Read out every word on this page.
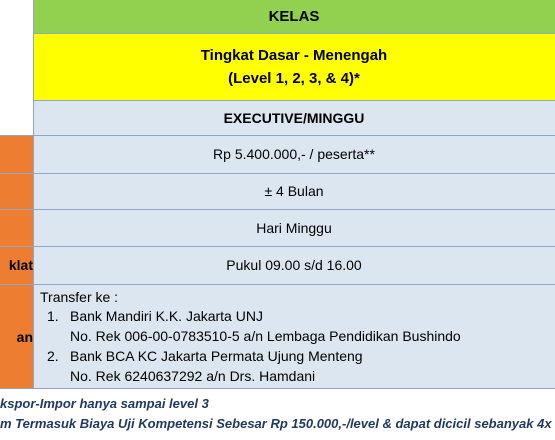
KELAS
Tingkat Dasar - Menengah
(Level 1, 2, 3, & 4)*
EXECUTIVE/MINGGU
klat
an
Rp 5.400.000,- / peserta**
± 4 Bulan
Hari Minggu
Pukul 09.00 s/d 16.00
Transfer ke :
1. Bank Mandiri K.K. Jakarta UNJ
No. Rek 006-00-0783510-5 a/n Lembaga Pendidikan Bushindo
2. Bank BCA KC Jakarta Permata Ujung Menteng
No. Rek 6240637292 a/n Drs. Hamdani
kspor-Impor hanya sampai level 3
m Termasuk Biaya Uji Kompetensi Sebesar Rp 150.000,-/level & dapat dicicil sebanyak 4x
